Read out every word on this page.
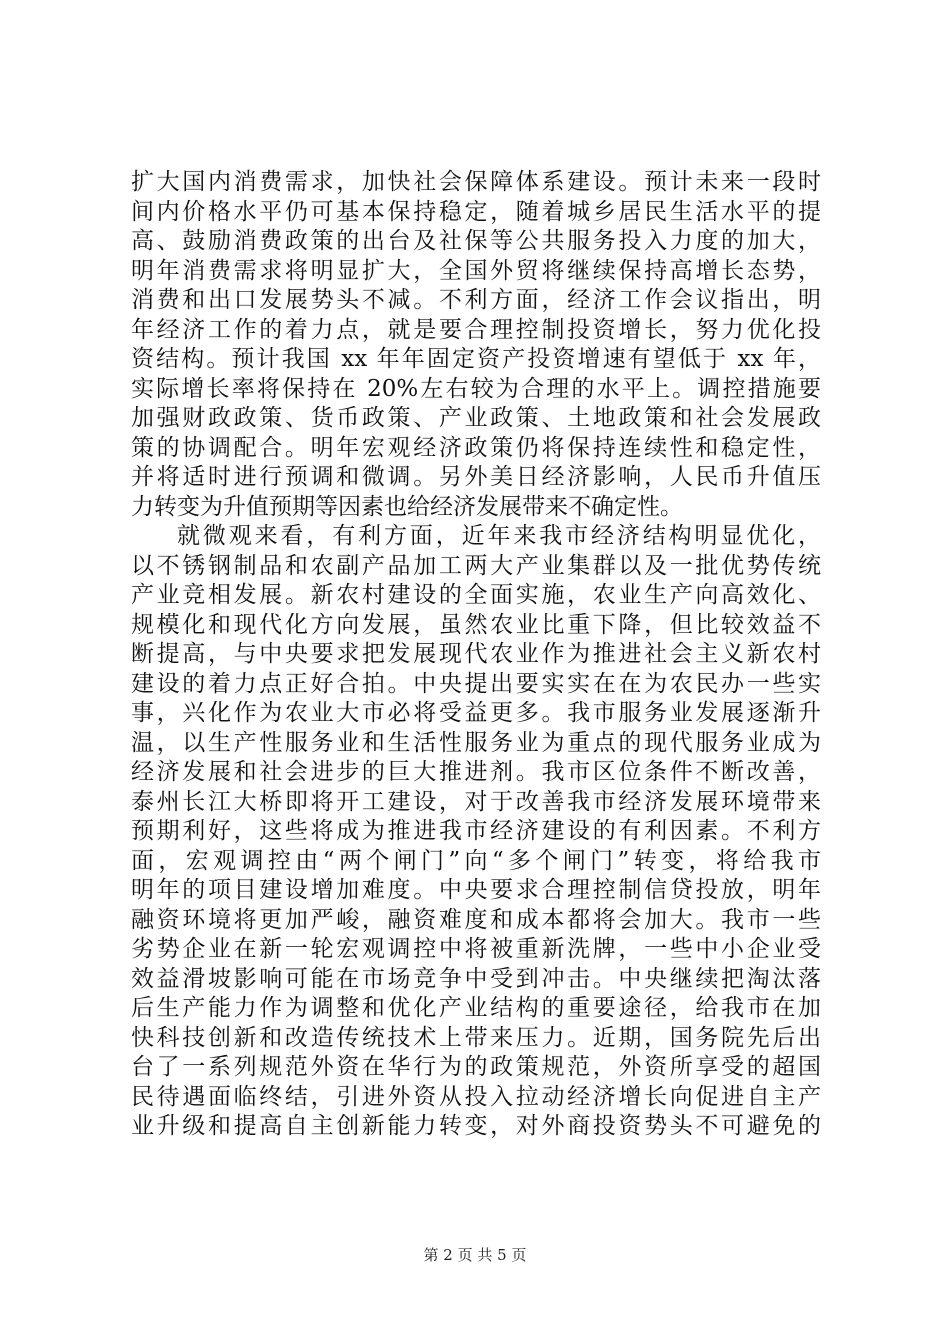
扩大国内消费需求，加快社会保障体系建设。预计未来一段时
间内价格水平仍可基本保持稳定，随着城乡居民生活水平的提
高、鼓励消费政策的出台及社保等公共服务投入力度的加大，
明年消费需求将明显扩大，全国外贸将继续保持高增长态势，
消费和出口发展势头不减。不利方面，经济工作会议指出，明
年经济工作的着力点，就是要合理控制投资增长，努力优化投
资结构。预计我国 xx 年年固定资产投资增速有望低于 xx 年，
实际增长率将保持在 20%左右较为合理的水平上。调控措施要
加强财政政策、货币政策、产业政策、土地政策和社会发展政
策的协调配合。明年宏观经济政策仍将保持连续性和稳定性，
并将适时进行预调和微调。另外美日经济影响，人民币升值压
力转变为升值预期等因素也给经济发展带来不确定性。
就微观来看，有利方面，近年来我市经济结构明显优化，
以不锈钢制品和农副产品加工两大产业集群以及一批优势传统
产业竞相发展。新农村建设的全面实施，农业生产向高效化、
规模化和现代化方向发展，虽然农业比重下降，但比较效益不
断提高，与中央要求把发展现代农业作为推进社会主义新农村
建设的着力点正好合拍。中央提出要实实在在为农民办一些实
事，兴化作为农业大市必将受益更多。我市服务业发展逐渐升
温，以生产性服务业和生活性服务业为重点的现代服务业成为
经济发展和社会进步的巨大推进剂。我市区位条件不断改善，
泰州长江大桥即将开工建设，对于改善我市经济发展环境带来
预期利好，这些将成为推进我市经济建设的有利因素。不利方
面，宏观调控由“两个闸门”向“多个闸门”转变，将给我市
明年的项目建设增加难度。中央要求合理控制信贷投放，明年
融资环境将更加严峻，融资难度和成本都将会加大。我市一些
劣势企业在新一轮宏观调控中将被重新洗牌，一些中小企业受
效益滑坡影响可能在市场竞争中受到冲击。中央继续把淘汰落
后生产能力作为调整和优化产业结构的重要途径，给我市在加
快科技创新和改造传统技术上带来压力。近期，国务院先后出
台了一系列规范外资在华行为的政策规范，外资所享受的超国
民待遇面临终结，引进外资从投入拉动经济增长向促进自主产
业升级和提高自主创新能力转变，对外商投资势头不可避免的
第 2 页 共 5 页
